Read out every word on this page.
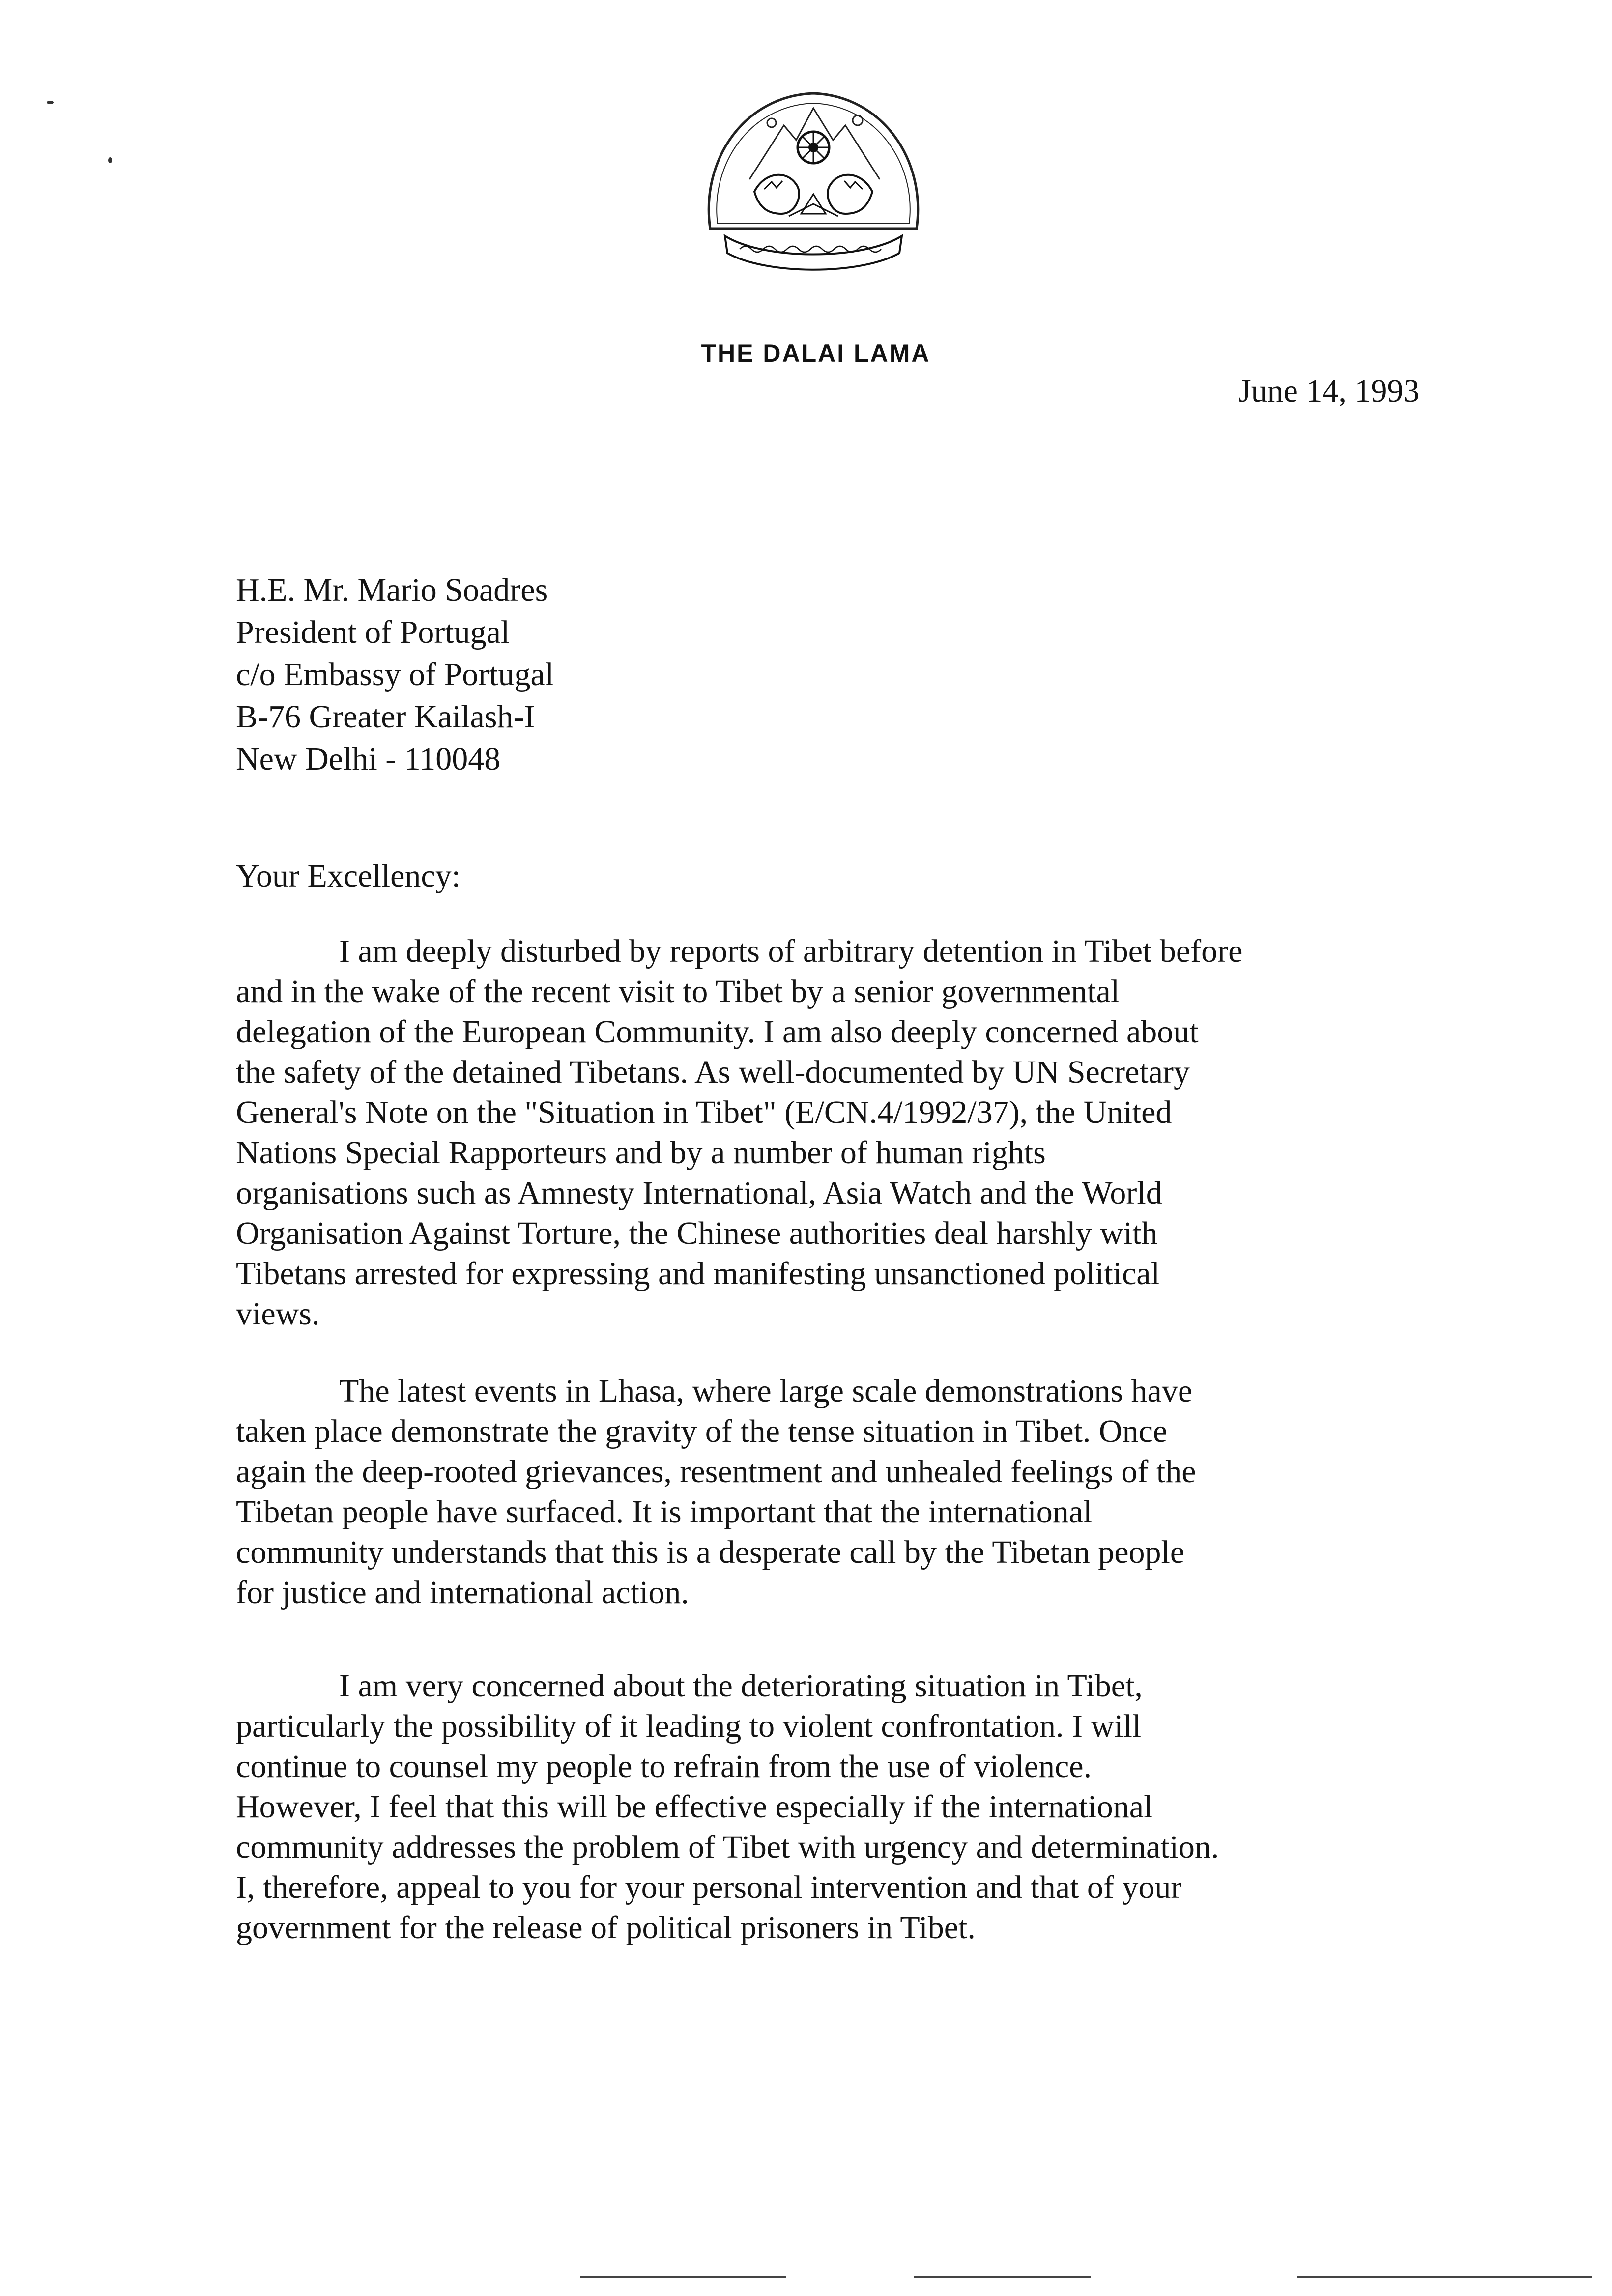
THE DALAI LAMA
June 14, 1993
H.E. Mr. Mario Soadres
President of Portugal
c/o Embassy of Portugal
B-76 Greater Kailash-I
New Delhi - 110048
Your Excellency:
I am deeply disturbed by reports of arbitrary detention in Tibet before
and in the wake of the recent visit to Tibet by a senior governmental
delegation of the European Community. I am also deeply concerned about
the safety of the detained Tibetans. As well-documented by UN Secretary
General's Note on the "Situation in Tibet" (E/CN.4/1992/37), the United
Nations Special Rapporteurs and by a number of human rights
organisations such as Amnesty International, Asia Watch and the World
Organisation Against Torture, the Chinese authorities deal harshly with
Tibetans arrested for expressing and manifesting unsanctioned political
views.
The latest events in Lhasa, where large scale demonstrations have
taken place demonstrate the gravity of the tense situation in Tibet. Once
again the deep-rooted grievances, resentment and unhealed feelings of the
Tibetan people have surfaced. It is important that the international
community understands that this is a desperate call by the Tibetan people
for justice and international action.
I am very concerned about the deteriorating situation in Tibet,
particularly the possibility of it leading to violent confrontation. I will
continue to counsel my people to refrain from the use of violence.
However, I feel that this will be effective especially if the international
community addresses the problem of Tibet with urgency and determination.
I, therefore, appeal to you for your personal intervention and that of your
government for the release of political prisoners in Tibet.
